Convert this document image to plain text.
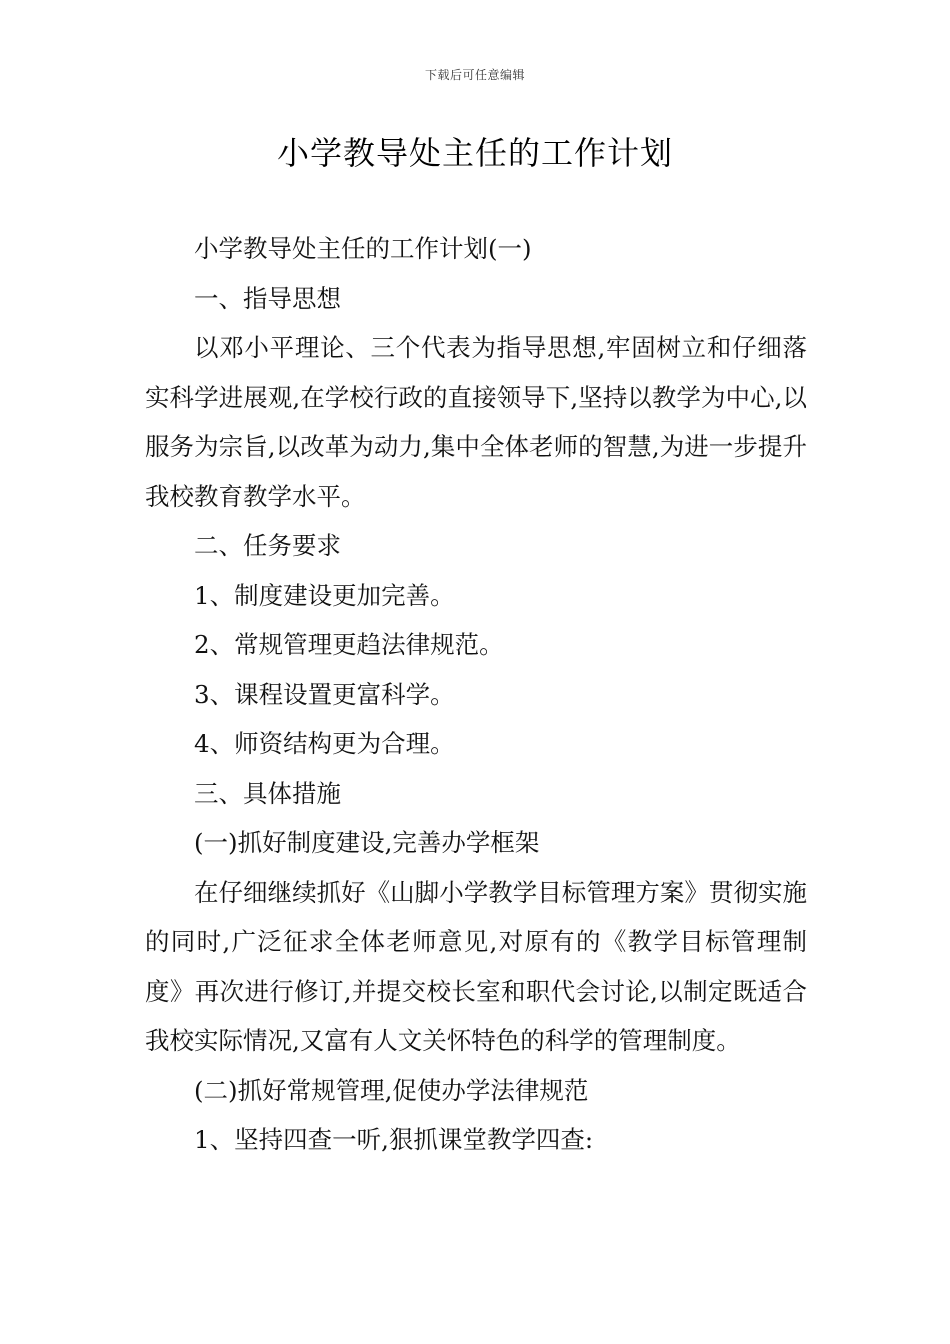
下载后可任意编辑
小学教导处主任的工作计划

小学教导处主任的工作计划(一)

一、指导思想

以邓小平理论、三个代表为指导思想,牢固树立和仔细落实科学进展观,在学校行政的直接领导下,坚持以教学为中心,以服务为宗旨,以改革为动力,集中全体老师的智慧,为进一步提升我校教育教学水平。

二、任务要求

1、制度建设更加完善。

2、常规管理更趋法律规范。

3、课程设置更富科学。

4、师资结构更为合理。

三、具体措施

(一)抓好制度建设,完善办学框架

在仔细继续抓好《山脚小学教学目标管理方案》贯彻实施的同时,广泛征求全体老师意见,对原有的《教学目标管理制度》再次进行修订,并提交校长室和职代会讨论,以制定既适合我校实际情况,又富有人文关怀特色的科学的管理制度。

(二)抓好常规管理,促使办学法律规范

1、坚持四查一听,狠抓课堂教学四查:
